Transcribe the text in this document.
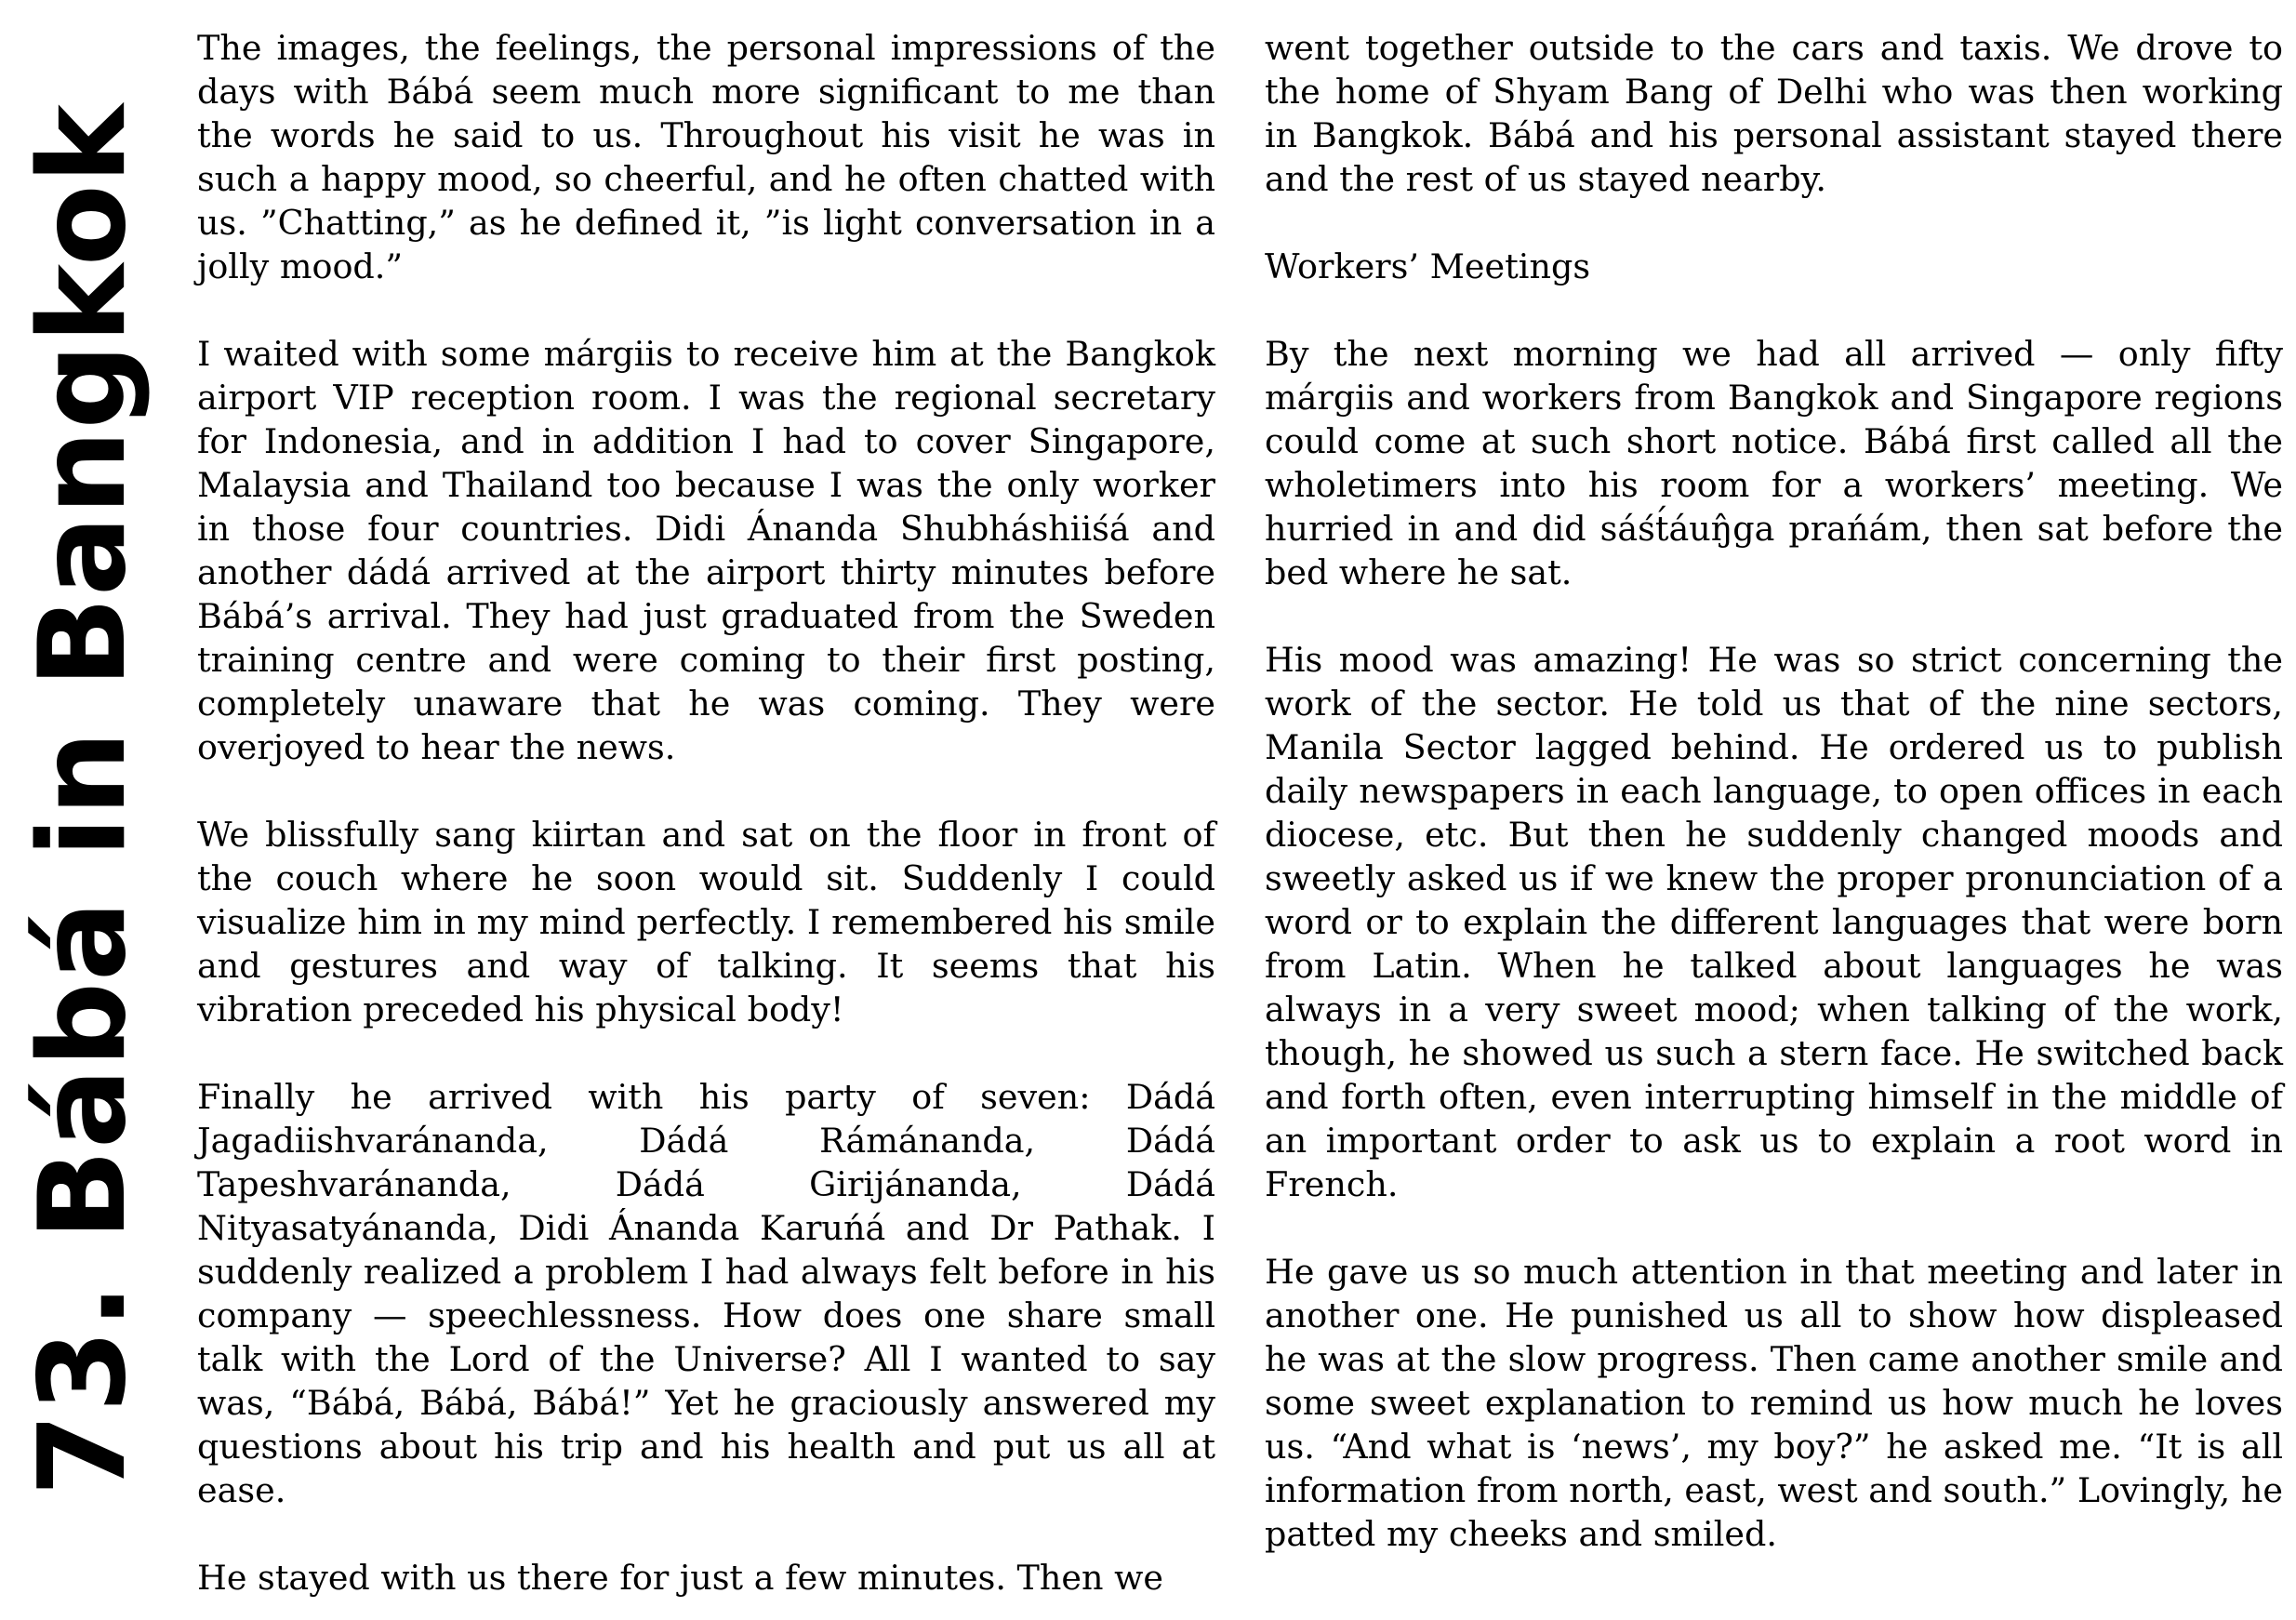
73. Bábá in Bangkok

The images, the feelings, the personal impressions of the days with Bábá seem much more significant to me than the words he said to us. Throughout his visit he was in such a happy mood, so cheerful, and he often chatted with us. ”Chatting,” as he defined it, ”is light conversation in a jolly mood.”

I waited with some márgiis to receive him at the Bangkok airport VIP reception room. I was the regional secretary for Indonesia, and in addition I had to cover Singapore, Malaysia and Thailand too because I was the only worker in those four countries. Didi Ánanda Shubháshiiśá and another dádá arrived at the airport thirty minutes before Bábá’s arrival. They had just graduated from the Sweden training centre and were coming to their first posting, completely unaware that he was coming. They were overjoyed to hear the news.

We blissfully sang kiirtan and sat on the floor in front of the couch where he soon would sit. Suddenly I could visualize him in my mind perfectly. I remembered his smile and gestures and way of talking. It seems that his vibration preceded his physical body!

Finally he arrived with his party of seven: Dádá Jagadiishvaránanda, Dádá Rámánanda, Dádá Tapeshvaránanda, Dádá Girijánanda, Dádá Nityasatyánanda, Didi Ánanda Karuńá and Dr Pathak. I suddenly realized a problem I had always felt before in his company — speechlessness. How does one share small talk with the Lord of the Universe? All I wanted to say was, “Bábá, Bábá, Bábá!” Yet he graciously answered my questions about his trip and his health and put us all at ease.

He stayed with us there for just a few minutes. Then we

went together outside to the cars and taxis. We drove to the home of Shyam Bang of Delhi who was then working in Bangkok. Bábá and his personal assistant stayed there and the rest of us stayed nearby.

Workers’ Meetings

By the next morning we had all arrived — only fifty márgiis and workers from Bangkok and Singapore regions could come at such short notice. Bábá first called all the wholetimers into his room for a workers’ meeting. We hurried in and did sáśt́áuŋ̂ga prańám, then sat before the bed where he sat.

His mood was amazing! He was so strict concerning the work of the sector. He told us that of the nine sectors, Manila Sector lagged behind. He ordered us to publish daily newspapers in each language, to open offices in each diocese, etc. But then he suddenly changed moods and sweetly asked us if we knew the proper pronunciation of a word or to explain the different languages that were born from Latin. When he talked about languages he was always in a very sweet mood; when talking of the work, though, he showed us such a stern face. He switched back and forth often, even interrupting himself in the middle of an important order to ask us to explain a root word in French.

He gave us so much attention in that meeting and later in another one. He punished us all to show how displeased he was at the slow progress. Then came another smile and some sweet explanation to remind us how much he loves us. “And what is ‘news’, my boy?” he asked me. “It is all information from north, east, west and south.” Lovingly, he patted my cheeks and smiled.
